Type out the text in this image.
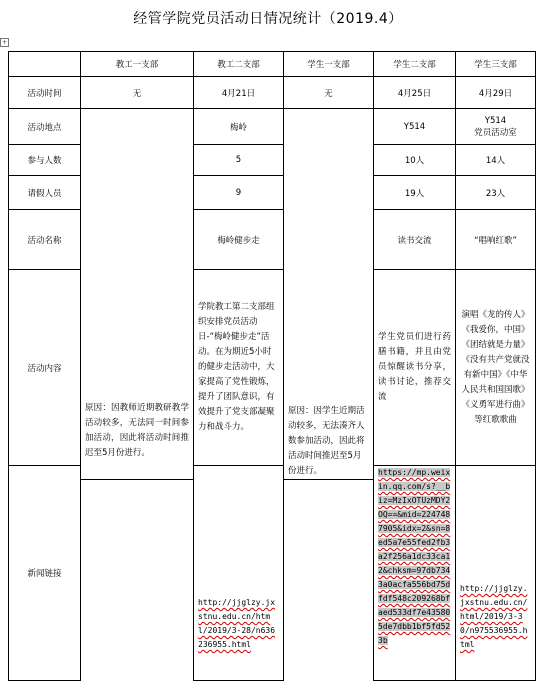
经管学院党员活动日情况统计（2019.4）
+
	教工一支部	教工二支部	学生一支部	学生二支部	学生三支部
活动时间	无	4月21日	无	4月25日	4月29日
活动地点	原因：因教师近期教研教学活动较多，无法同一时间参加活动，因此将活动时间推迟至5月份进行。	梅岭	原因：因学生近期活动较多，无法凑齐人数参加活动，因此将活动时间推迟至5月份进行。	Y514	Y514
党员活动室

参与人数		5		10人	14人
请假人员		9		19人	23人
活动名称		梅岭健步走		读书交流	“唱响红歌”
活动内容		学院教工第二支部组织安排党员活动日-“梅岭健步走”活动。在为期近5小时的健步走活动中，大家提高了党性锻炼，提升了团队意识，有效提升了党支部凝聚力和战斗力。		学生党员们进行药膳书籍，并且由党员惊醒读书分享，读书讨论，推荐交流	演唱《龙的传人》《我爱你，中国》《团结就是力量》《没有共产党就没有新中国》《中华人民共和国国歌》《义勇军进行曲》等红歌歌曲

新闻链接		http://jjglzy.jxstnu.edu.cn/html/2019/3-28/n636236955.html		https://mp.weixin.qq.com/s?__biz=MzIxOTUzMDY2OQ==&mid=2247487905&idx=2&sn=8ed5a7e55fed2fb3a2f256a1dc33ca12&chksm=97db7343a0acfa556bd75dfdf548c209268bfaed533df7e435805de7dbb1bf5fd523b	http://jjglzy.jxstnu.edu.cn/html/2019/3-30/n975536955.html
